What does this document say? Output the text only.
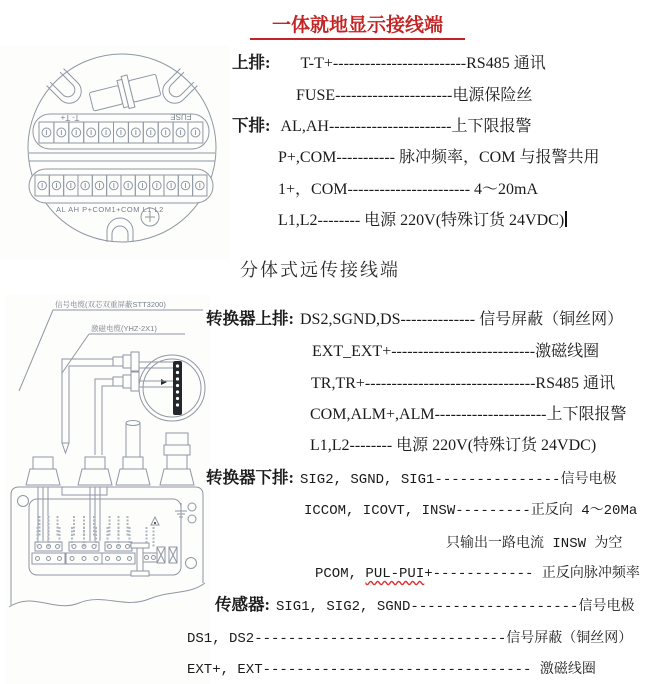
一体就地显示接线端
T- T+	FUSE
AL AH P+COM1+COM L1 L2
上排: T-T+-------------------------RS485 通讯
FUSE----------------------电源保险丝
下排: AL,AH-----------------------上下限报警
P+,COM----------- 脉冲频率，COM 与报警共用
1+，COM----------------------- 4～20mA
L1,L2-------- 电源 220V(特殊订货 24VDC)
分体式远传接线端
信号电缆(双芯双重屏蔽STT3200)
激磁电缆(YHZ-2X1)
转换器上排: DS2,SGND,DS-------------- 信号屏蔽（铜丝网）
EXT_EXT+---------------------------激磁线圈
TR,TR+--------------------------------RS485 通讯
COM,ALM+,ALM---------------------上下限报警
L1,L2-------- 电源 220V(特殊订货 24VDC)
转换器下排: SIG2, SGND, SIG1---------------信号电极
ICCOM, ICOVT, INSW---------正反向 4～20Ma
只输出一路电流 INSW 为空
PCOM, PUL-PUI+------------ 正反向脉冲频率
传感器: SIG1, SIG2, SGND--------------------信号电极
DS1, DS2------------------------------信号屏蔽（铜丝网）
EXT+, EXT-------------------------------- 激磁线圈
